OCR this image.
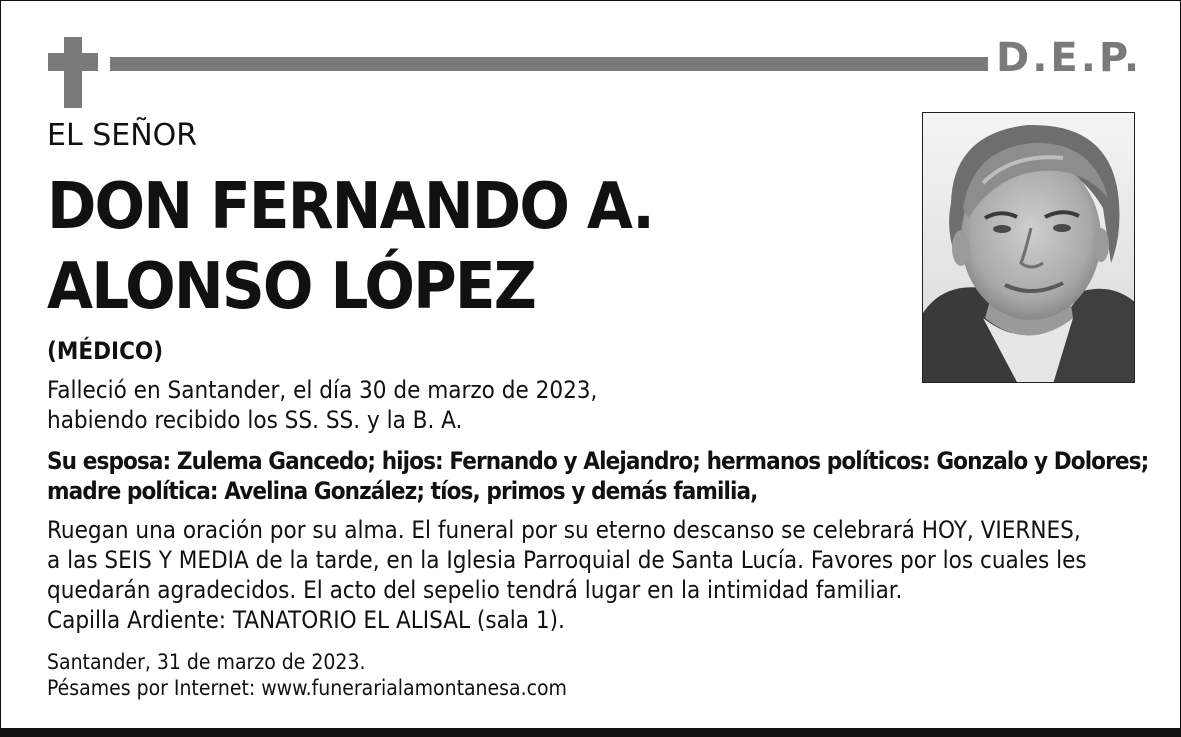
D.E.P.
EL SEÑOR
DON FERNANDO A.
ALONSO LÓPEZ
(MÉDICO)
Falleció en Santander, el día 30 de marzo de 2023,
habiendo recibido los SS. SS. y la B. A.
Su esposa: Zulema Gancedo; hijos: Fernando y Alejandro; hermanos políticos: Gonzalo y Dolores;
madre política: Avelina González; tíos, primos y demás familia,
Ruegan una oración por su alma. El funeral por su eterno descanso se celebrará HOY, VIERNES,
a las SEIS Y MEDIA de la tarde, en la Iglesia Parroquial de Santa Lucía. Favores por los cuales les
quedarán agradecidos. El acto del sepelio tendrá lugar en la intimidad familiar.
Capilla Ardiente: TANATORIO EL ALISAL (sala 1).
Santander, 31 de marzo de 2023.
Pésames por Internet: www.funerarialamontanesa.com
